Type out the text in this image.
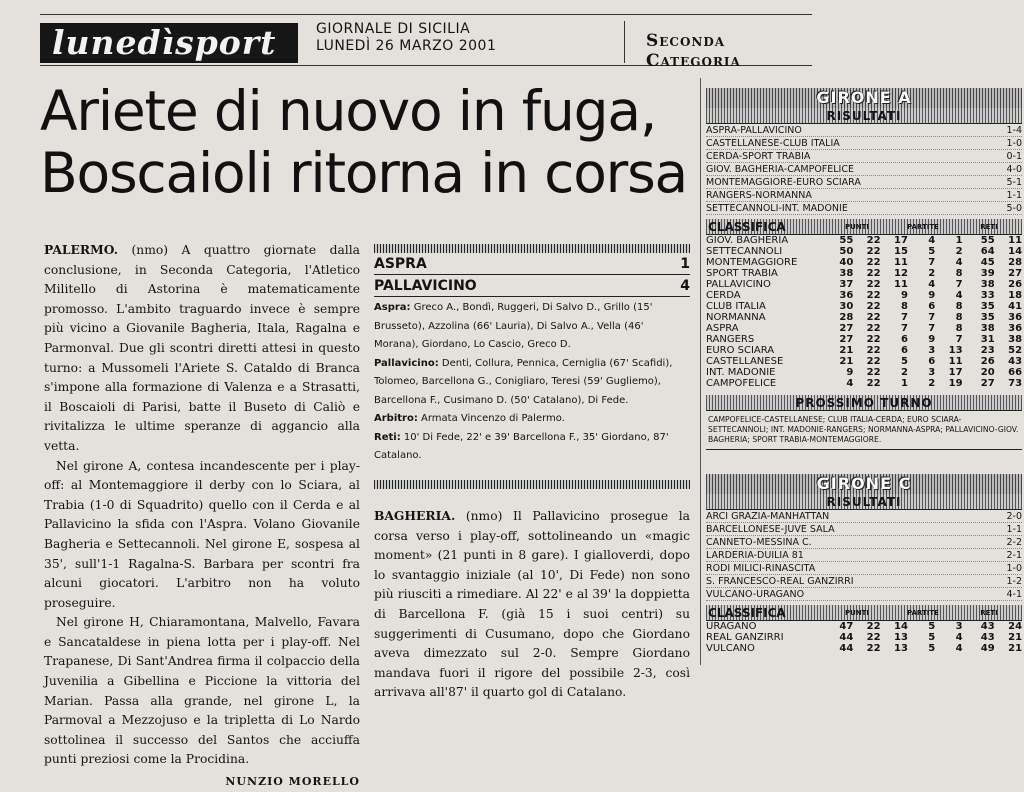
lunedìsport	GIORNALE DI SICILIA
LUNEDÌ 26 MARZO 2001	Seconda Categoria
Ariete di nuovo in fuga,
Boscaioli ritorna in corsa

PALERMO. (nmo) A quattro giornate dalla conclusione, in Seconda Categoria, l'Atletico Militello di Astorina è matematicamente promosso. L'ambito traguardo invece è sempre più vicino a Giovanile Bagheria, Itala, Ragalna e Parmonval. Due gli scontri diretti attesi in questo turno: a Mussomeli l'Ariete S. Cataldo di Branca s'impone alla formazione di Valenza e a Strasatti, il Boscaioli di Parisi, batte il Buseto di Caliò e rivitalizza le ultime speranze di aggancio alla vetta.

Nel girone A, contesa incandescente per i play-off: al Montemaggiore il derby con lo Sciara, al Trabia (1-0 di Squadrito) quello con il Cerda e al Pallavicino la sfida con l'Aspra. Volano Giovanile Bagheria e Settecannoli. Nel girone E, sospesa al 35', sull'1-1 Ragalna-S. Barbara per scontri fra alcuni giocatori. L'arbitro non ha voluto proseguire.

Nel girone H, Chiaramontana, Malvello, Favara e Sancataldese in piena lotta per i play-off. Nel Trapanese, Di Sant'Andrea firma il colpaccio della Juvenilia a Gibellina e Piccione la vittoria del Marian. Passa alla grande, nel girone L, la Parmoval a Mezzojuso e la tripletta di Lo Nardo sottolinea il successo del Santos che acciuffa punti preziosi come la Procidina.

NUNZIO MORELLO
ASPRA	1
PALLAVICINO	4

Aspra: Greco A., Bondì, Ruggeri, Di Salvo D., Grillo (15' Brusseto), Azzolina (66' Lauria), Di Salvo A., Vella (46' Morana), Giordano, Lo Cascio, Greco D.

Pallavicino: Denti, Collura, Pennica, Cerniglia (67' Scafidi), Tolomeo, Barcellona G., Conigliaro, Teresi (59' Gugliemo), Barcellona F., Cusimano D. (50' Catalano), Di Fede.

Arbitro: Armata Vincenzo di Palermo.

Reti: 10' Di Fede, 22' e 39' Barcellona F., 35' Giordano, 87' Catalano.

BAGHERIA. (nmo) Il Pallavicino prosegue la corsa verso i play-off, sottolineando un «magic moment» (21 punti in 8 gare). I gialloverdi, dopo lo svantaggio iniziale (al 10', Di Fede) non sono più riusciti a rimediare. Al 22' e al 39' la doppietta di Barcellona F. (già 15 i suoi centri) su suggerimenti di Cusumano, dopo che Giordano aveva dimezzato sul 2-0. Sempre Giordano mandava fuori il rigore del possibile 2-3, così arrivava all'87' il quarto gol di Catalano.

GIRONE A
RISULTATI
ASPRA-PALLAVICINO	1-4
CASTELLANESE-CLUB ITALIA	1-0
CERDA-SPORT TRABIA	0-1
GIOV. BAGHERIA-CAMPOFELICE	4-0
MONTEMAGGIORE-EURO SCIARA	5-1
RANGERS-NORMANNA	1-1
SETTECANNOLI-INT. MADONIE	5-0
CLASSIFICA	PUNTI	PARTITE	RETI
GIOV. BAGHERIA	55	22	17	4	1	55	11
SETTECANNOLI	50	22	15	5	2	64	14
MONTEMAGGIORE	40	22	11	7	4	45	28
SPORT TRABIA	38	22	12	2	8	39	27
PALLAVICINO	37	22	11	4	7	38	26
CERDA	36	22	9	9	4	33	18
CLUB ITALIA	30	22	8	6	8	35	41
NORMANNA	28	22	7	7	8	35	36
ASPRA	27	22	7	7	8	38	36
RANGERS	27	22	6	9	7	31	38
EURO SCIARA	21	22	6	3	13	23	52
CASTELLANESE	21	22	5	6	11	26	43
INT. MADONIE	9	22	2	3	17	20	66
CAMPOFELICE	4	22	1	2	19	27	73
PROSSIMO TURNO
CAMPOFELICE-CASTELLANESE; CLUB ITALIA-CERDA; EURO SCIARA-SETTECANNOLI; INT. MADONIE-RANGERS; NORMANNA-ASPRA; PALLAVICINO-GIOV. BAGHERIA; SPORT TRABIA-MONTEMAGGIORE.
GIRONE C
RISULTATI
ARCI GRAZIA-MANHATTAN	2-0
BARCELLONESE-JUVE SALA	1-1
CANNETO-MESSINA C.	2-2
LARDERIA-DUILIA 81	2-1
RODI MILICI-RINASCITA	1-0
S. FRANCESCO-REAL GANZIRRI	1-2
VULCANO-URAGANO	4-1
CLASSIFICA	PUNTI	PARTITE	RETI
URAGANO	47	22	14	5	3	43	24
REAL GANZIRRI	44	22	13	5	4	43	21
VULCANO	44	22	13	5	4	49	21
